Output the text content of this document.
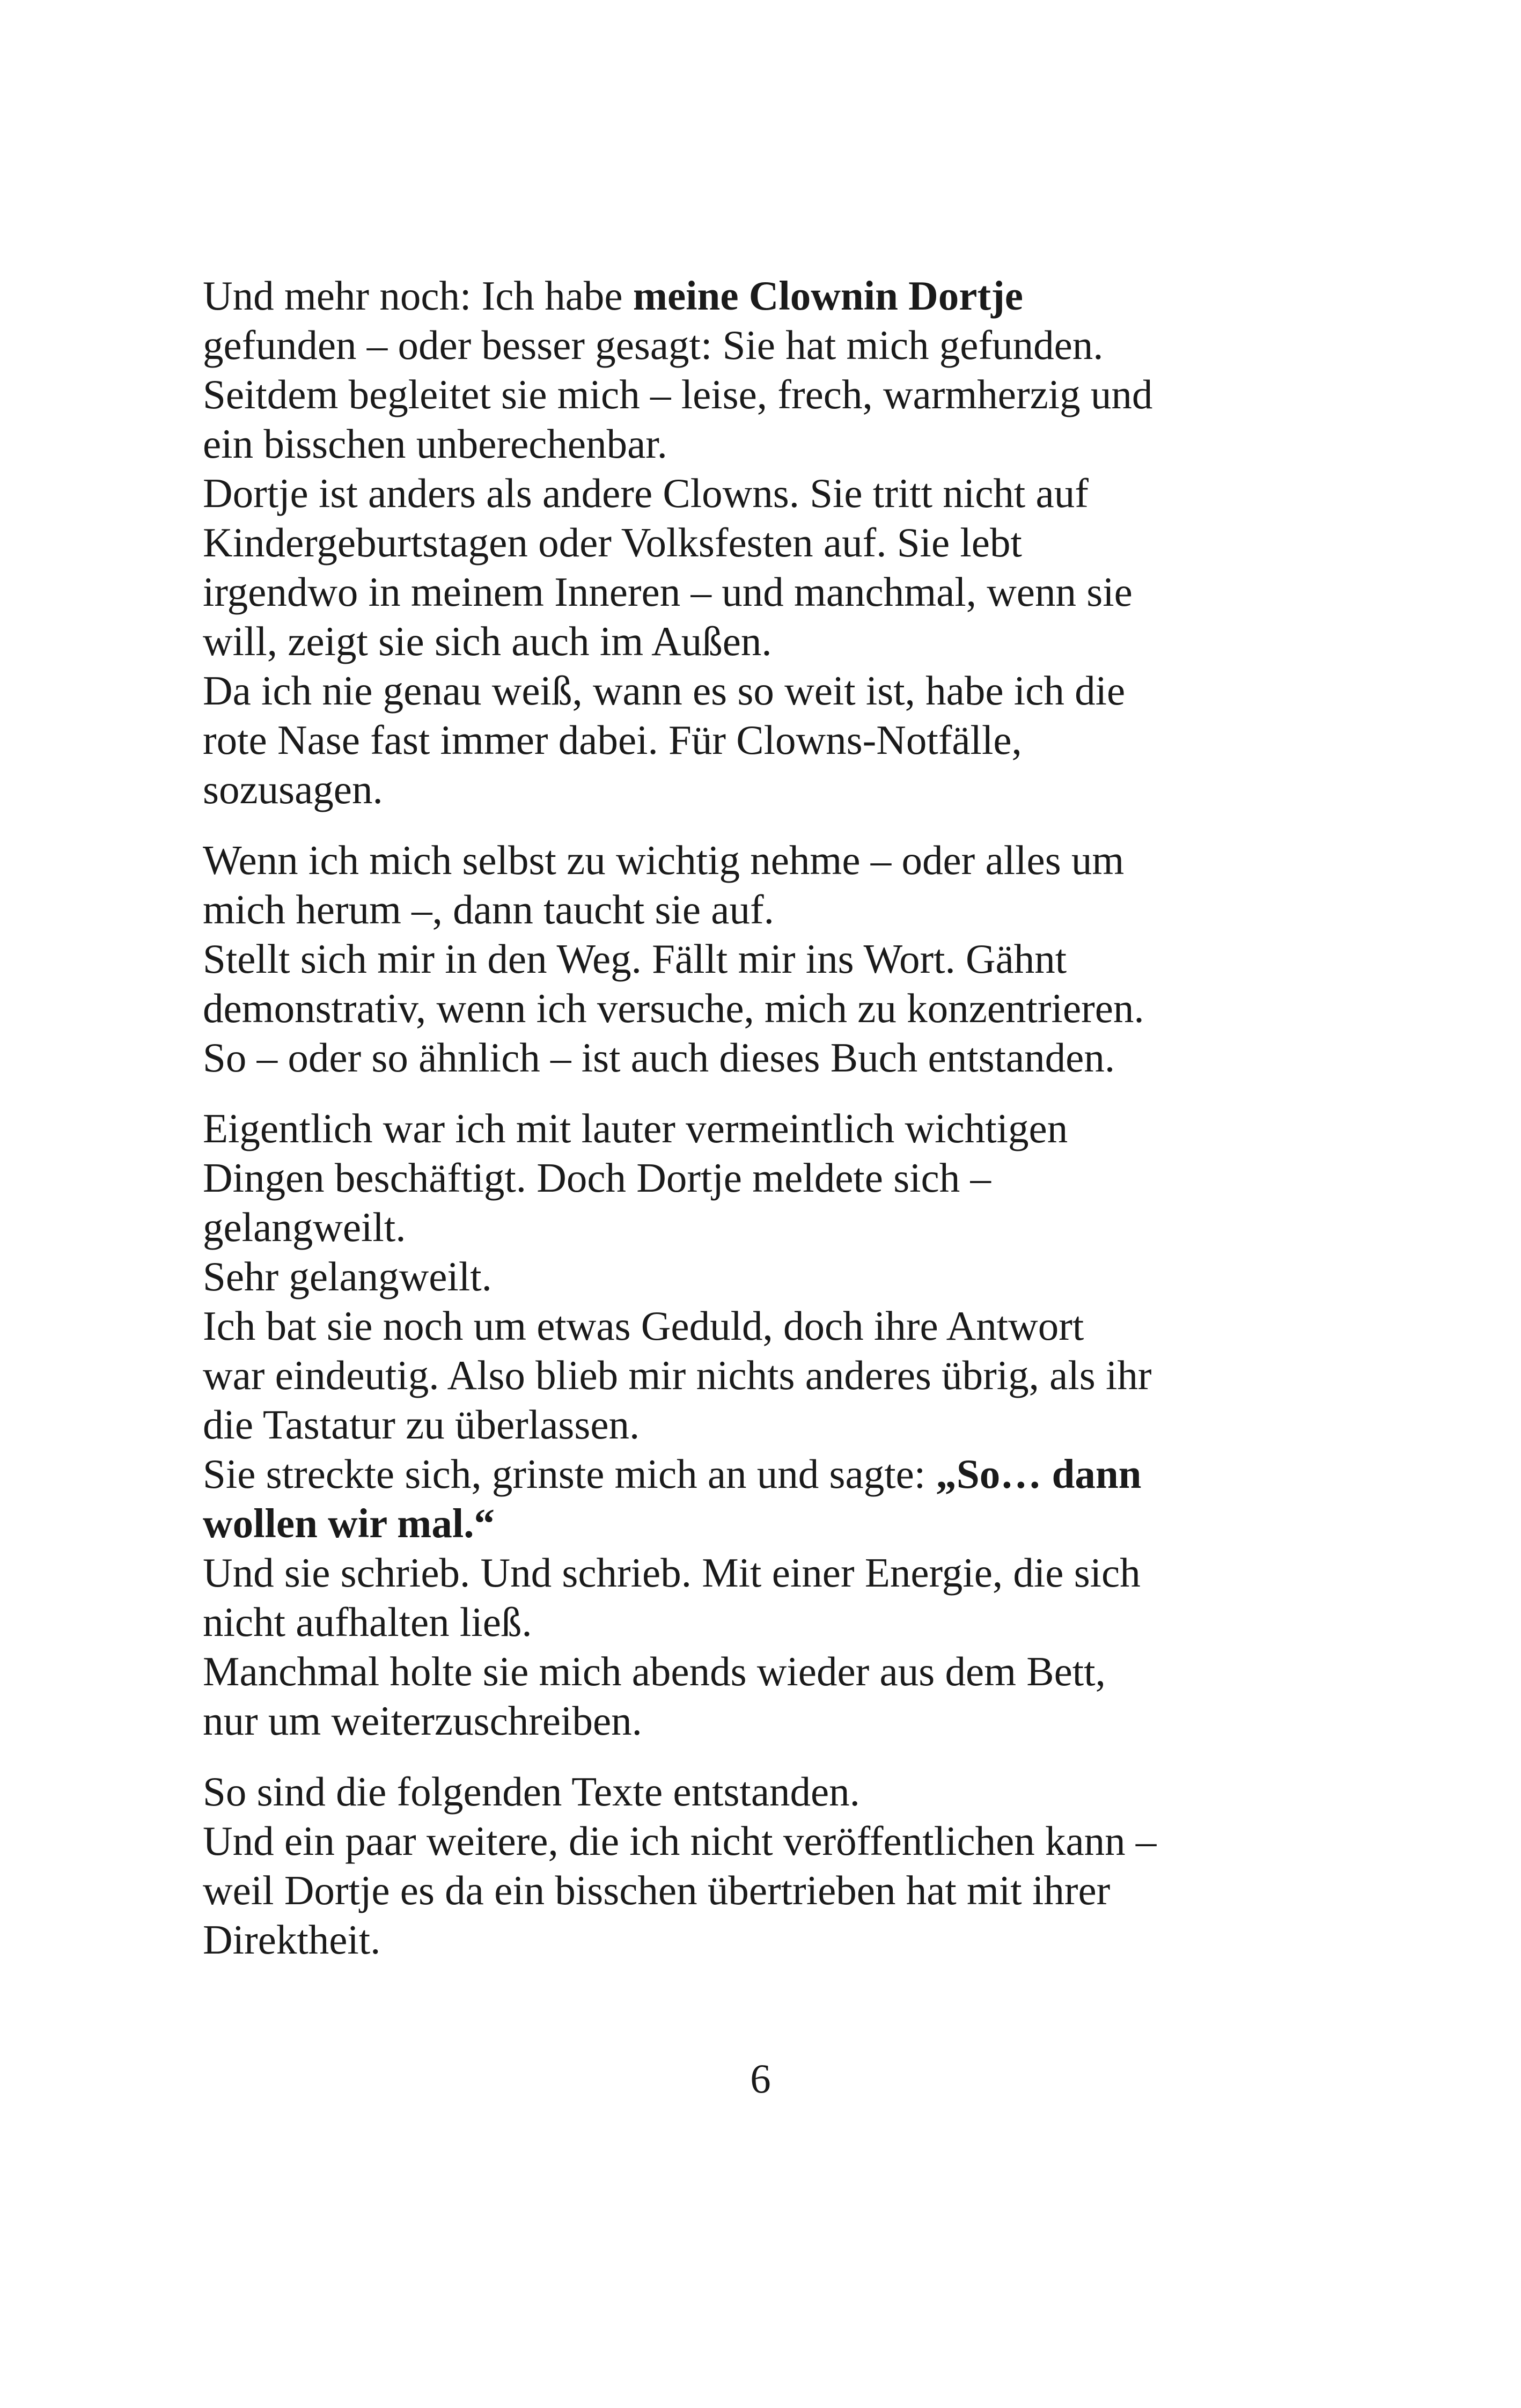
Und mehr noch: Ich habe meine Clownin Dortje
gefunden – oder besser gesagt: Sie hat mich gefunden.
Seitdem begleitet sie mich – leise, frech, warmherzig und
ein bisschen unberechenbar.
Dortje ist anders als andere Clowns. Sie tritt nicht auf
Kindergeburtstagen oder Volksfesten auf. Sie lebt
irgendwo in meinem Inneren – und manchmal, wenn sie
will, zeigt sie sich auch im Außen.
Da ich nie genau weiß, wann es so weit ist, habe ich die
rote Nase fast immer dabei. Für Clowns-Notfälle,
sozusagen.
Wenn ich mich selbst zu wichtig nehme – oder alles um
mich herum –, dann taucht sie auf.
Stellt sich mir in den Weg. Fällt mir ins Wort. Gähnt
demonstrativ, wenn ich versuche, mich zu konzentrieren.
So – oder so ähnlich – ist auch dieses Buch entstanden.
Eigentlich war ich mit lauter vermeintlich wichtigen
Dingen beschäftigt. Doch Dortje meldete sich –
gelangweilt.
Sehr gelangweilt.
Ich bat sie noch um etwas Geduld, doch ihre Antwort
war eindeutig. Also blieb mir nichts anderes übrig, als ihr
die Tastatur zu überlassen.
Sie streckte sich, grinste mich an und sagte: „So… dann
wollen wir mal.“
Und sie schrieb. Und schrieb. Mit einer Energie, die sich
nicht aufhalten ließ.
Manchmal holte sie mich abends wieder aus dem Bett,
nur um weiterzuschreiben.
So sind die folgenden Texte entstanden.
Und ein paar weitere, die ich nicht veröffentlichen kann –
weil Dortje es da ein bisschen übertrieben hat mit ihrer
Direktheit.
6
